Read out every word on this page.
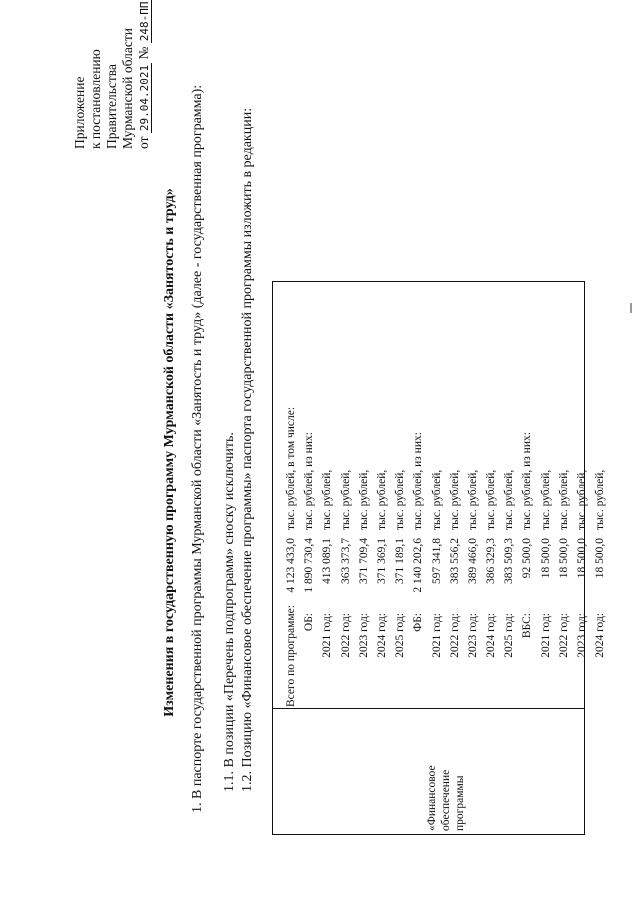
Приложение к постановлению Правительства Мурманской области от 29.04.2021 № 248-ПП
Изменения в государственную программу Мурманской области «Занятость и труд» 1. В паспорте государственной программы Мурманской области «Занятость и труд» (далее - государственная программа): 1.1. В позиции «Перечень подпрограмм» сноску исключить. 1.2. Позицию «Финансовое обеспечение программы» паспорта государственной программы изложить в редакции:
«Финансовое обеспечение программы
Всего по программе:
4 123 433,0
тыс. рублей, в том числе:
ОБ:
1 890 730,4
тыс. рублей, из них:
2021 год:
413 089,1
тыс. рублей,
2022 год:
363 373,7
тыс. рублей,
2023 год:
371 709,4
тыс. рублей,
2024 год:
371 369,1
тыс. рублей,
2025 год:
371 189,1
тыс. рублей,
ФБ:
2 140 202,6
тыс. рублей, из них:
2021 год:
597 341,8
тыс. рублей,
2022 год:
383 556,2
тыс. рублей,
2023 год:
389 466,0
тыс. рублей,
2024 год:
386 329,3
тыс. рублей,
2025 год:
383 509,3
тыс. рублей,
ВБС:
92 500,0
тыс. рублей, из них:
2021 год:
18 500,0
тыс. рублей,
2022 год:
18 500,0
тыс. рублей,
2023 год:
18 500,0
тыс. рублей,
2024 год:
18 500,0
тыс. рублей,
